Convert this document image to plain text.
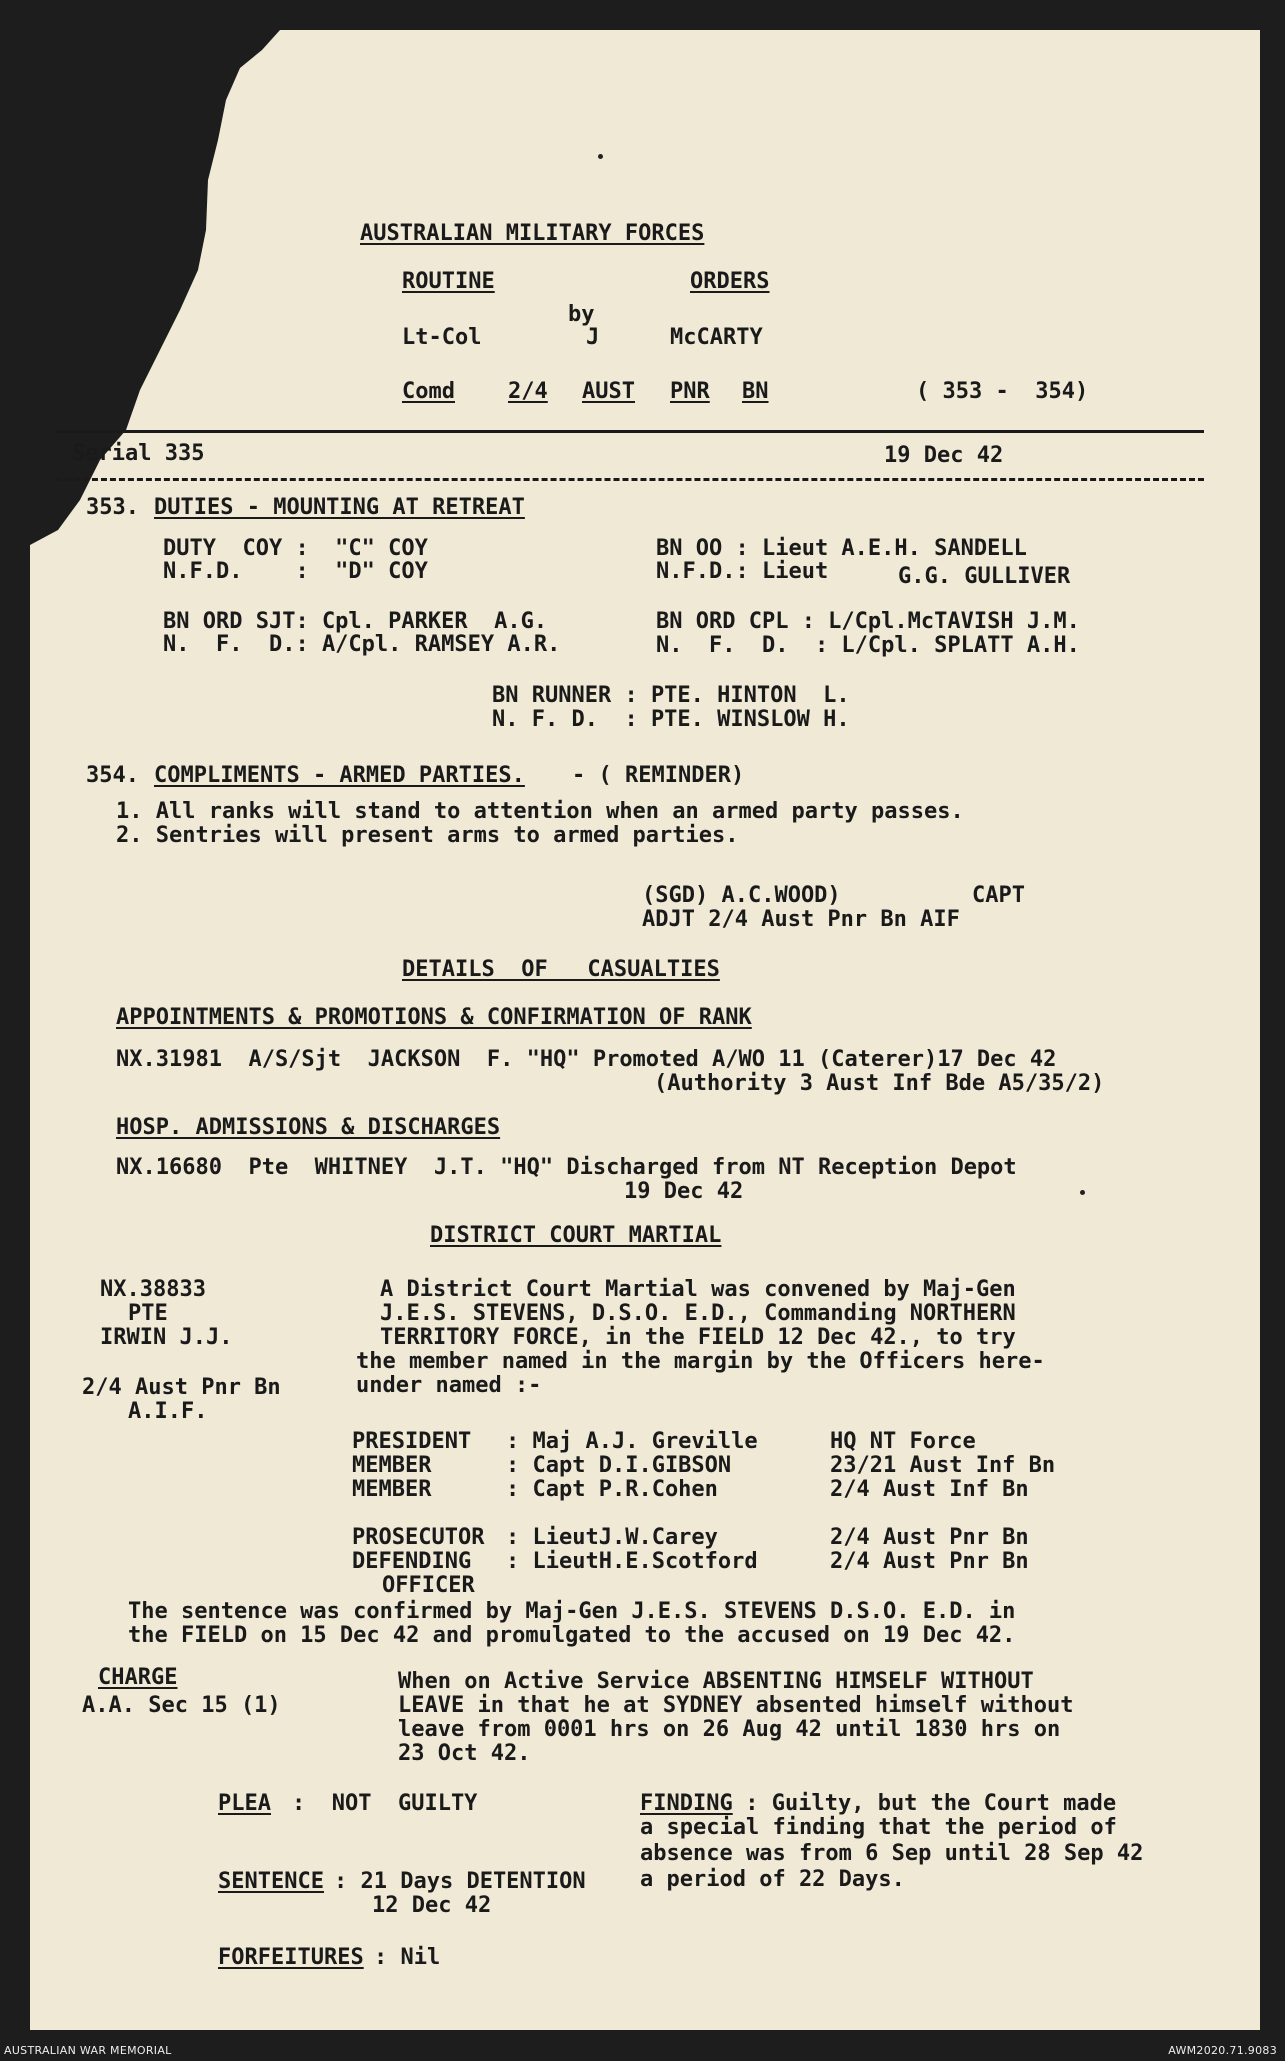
AUSTRALIAN MILITARY FORCES
ROUTINE	ORDERS
by
Lt-Col	J	McCARTY
Comd 2/4 AUST PNR BN	( 353 -  354)
Serial 335	19 Dec 42
353. DUTIES - MOUNTING AT RETREAT
DUTY  COY :  "C" COY
N.F.D.    :  "D" COY
BN OO : Lieut A.E.H. SANDELL
N.F.D.: Lieut	G.G. GULLIVER
BN ORD SJT: Cpl. PARKER  A.G.
N.  F.  D.: A/Cpl. RAMSEY A.R.
BN ORD CPL : L/Cpl.McTAVISH J.M.
N.  F.  D.  : L/Cpl. SPLATT A.H.
BN RUNNER : PTE. HINTON  L.
N. F. D.  : PTE. WINSLOW H.
354. COMPLIMENTS - ARMED PARTIES. - ( REMINDER)
1. All ranks will stand to attention when an armed party passes.
2. Sentries will present arms to armed parties.
(SGD) A.C.WOOD)	CAPT
ADJT 2/4 Aust Pnr Bn AIF
DETAILS  OF   CASUALTIES
APPOINTMENTS & PROMOTIONS & CONFIRMATION OF RANK
NX.31981  A/S/Sjt  JACKSON  F. "HQ" Promoted A/WO 11 (Caterer)17 Dec 42
(Authority 3 Aust Inf Bde A5/35/2)
HOSP. ADMISSIONS & DISCHARGES
NX.16680  Pte  WHITNEY  J.T. "HQ" Discharged from NT Reception Depot
19 Dec 42
DISTRICT COURT MARTIAL
NX.38833
PTE
IRWIN J.J.
2/4 Aust Pnr Bn
A.I.F.
A District Court Martial was convened by Maj-Gen
J.E.S. STEVENS, D.S.O. E.D., Commanding NORTHERN
TERRITORY FORCE, in the FIELD 12 Dec 42., to try
the member named in the margin by the Officers here-
under named :-
PRESIDENT : Maj A.J. Greville	HQ NT Force
MEMBER	: Capt D.I.GIBSON	23/21 Aust Inf Bn
MEMBER	: Capt P.R.Cohen	2/4 Aust Inf Bn
PROSECUTOR : LieutJ.W.Carey	2/4 Aust Pnr Bn
DEFENDING : LieutH.E.Scotford	2/4 Aust Pnr Bn
OFFICER
The sentence was confirmed by Maj-Gen J.E.S. STEVENS D.S.O. E.D. in
the FIELD on 15 Dec 42 and promulgated to the accused on 19 Dec 42.
CHARGE
A.A. Sec 15 (1)
When on Active Service ABSENTING HIMSELF WITHOUT
LEAVE in that he at SYDNEY absented himself without
leave from 0001 hrs on 26 Aug 42 until 1830 hrs on
23 Oct 42.
PLEA :  NOT  GUILTY	FINDING : Guilty, but the Court made
a special finding that the period of
absence was from 6 Sep until 28 Sep 42
a period of 22 Days.
SENTENCE : 21 Days DETENTION
12 Dec 42
FORFEITURES : Nil
AUSTRALIAN WAR MEMORIAL	AWM2020.71.9083
